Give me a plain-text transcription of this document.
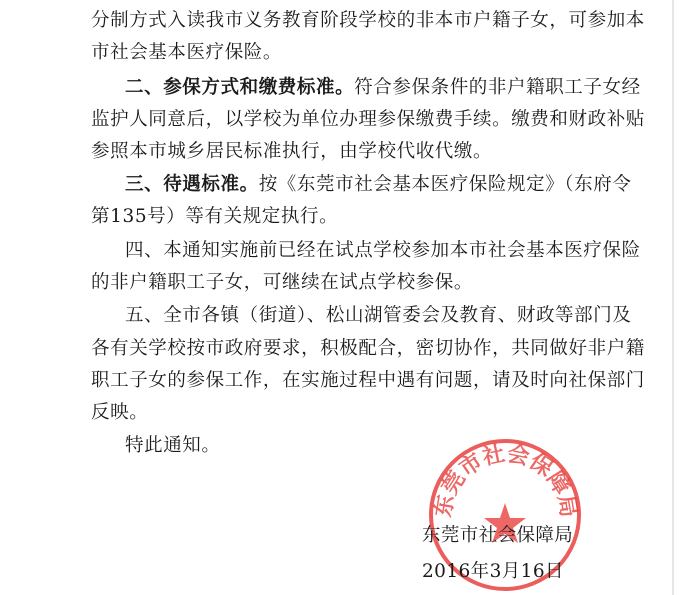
分制方式入读我市义务教育阶段学校的非本市户籍子女，可参加本
市社会基本医疗保险。
二、参保方式和缴费标准。符合参保条件的非户籍职工子女经
监护人同意后，以学校为单位办理参保缴费手续。缴费和财政补贴
参照本市城乡居民标准执行，由学校代收代缴。
三、待遇标准。按《东莞市社会基本医疗保险规定》（东府令
第135号）等有关规定执行。
四、本通知实施前已经在试点学校参加本市社会基本医疗保险
的非户籍职工子女，可继续在试点学校参保。
五、全市各镇（街道）、松山湖管委会及教育、财政等部门及
各有关学校按市政府要求，积极配合，密切协作，共同做好非户籍
职工子女的参保工作，在实施过程中遇有问题，请及时向社保部门
反映。
特此通知。
东莞市社会保障局
东莞市社会保障局
2016年3月16日
